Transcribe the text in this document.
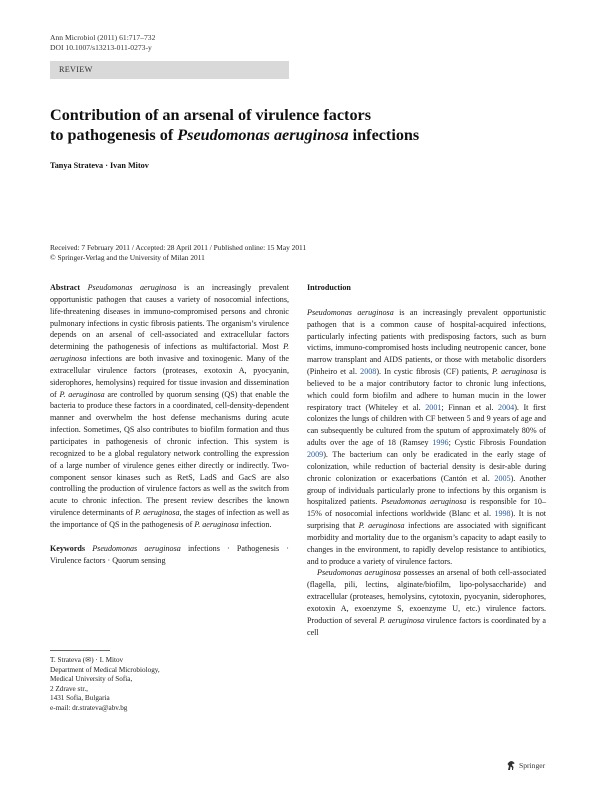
Ann Microbiol (2011) 61:717–732
DOI 10.1007/s13213-011-0273-y
REVIEW
Contribution of an arsenal of virulence factors
to pathogenesis of Pseudomonas aeruginosa infections
Tanya Strateva · Ivan Mitov
Received: 7 February 2011 / Accepted: 28 April 2011 / Published online: 15 May 2011
© Springer-Verlag and the University of Milan 2011

Abstract Pseudomonas aeruginosa is an increasingly prevalent opportunistic pathogen that causes a variety of nosocomial infections, life-threatening diseases in immuno-compromised persons and chronic pulmonary infections in cystic fibrosis patients. The organism’s virulence depends on an arsenal of cell-associated and extracellular factors determining the pathogenesis of infections as multifactorial. Most P. aeruginosa infections are both invasive and toxinogenic. Many of the extracellular virulence factors (proteases, exotoxin A, pyocyanin, siderophores, hemolysins) required for tissue invasion and dissemination of P. aeruginosa are controlled by quorum sensing (QS) that enable the bacteria to produce these factors in a coordinated, cell-density-dependent manner and overwhelm the host defense mechanisms during acute infection. Sometimes, QS also contributes to biofilm formation and thus participates in pathogenesis of chronic infection. This system is recognized to be a global regulatory network controlling the expression of a large number of virulence genes either directly or indirectly. Two-component sensor kinases such as RetS, LadS and GacS are also controlling the production of virulence factors as well as the switch from acute to chronic infection. The present review describes the known virulence determinants of P. aeruginosa, the stages of infection as well as the importance of QS in the pathogenesis of P. aeruginosa infection.

Keywords Pseudomonas aeruginosa infections · Pathogenesis · Virulence factors · Quorum sensing

T. Strateva (✉) · I. Mitov
Department of Medical Microbiology,
Medical University of Sofia,
2 Zdrave str.,
1431 Sofia, Bulgaria
e-mail: dr.strateva@abv.bg

Introduction

Pseudomonas aeruginosa is an increasingly prevalent opportunistic pathogen that is a common cause of hospital-acquired infections, particularly infecting patients with predisposing factors, such as burn victims, immuno-compromised hosts including neutropenic cancer, bone marrow transplant and AIDS patients, or those with metabolic disorders (Pinheiro et al. 2008). In cystic fibrosis (CF) patients, P. aeruginosa is believed to be a major contributory factor to chronic lung infections, which could form biofilm and adhere to human mucin in the lower respiratory tract (Whiteley et al. 2001; Finnan et al. 2004). It first colonizes the lungs of children with CF between 5 and 9 years of age and can subsequently be cultured from the sputum of approximately 80% of adults over the age of 18 (Ramsey 1996; Cystic Fibrosis Foundation 2009). The bacterium can only be eradicated in the early stage of colonization, while reduction of bacterial density is desir-able during chronic colonization or exacerbations (Cantón et al. 2005). Another group of individuals particularly prone to infections by this organism is hospitalized patients. Pseudomonas aeruginosa is responsible for 10–15% of nosocomial infections worldwide (Blanc et al. 1998). It is not surprising that P. aeruginosa infections are associated with significant morbidity and mortality due to the organism’s capacity to adapt easily to changes in the environment, to rapidly develop resistance to antibiotics, and to produce a variety of virulence factors.

Pseudomonas aeruginosa possesses an arsenal of both cell-associated (flagella, pili, lectins, alginate/biofilm, lipo-polysaccharide) and extracellular (proteases, hemolysins, cytotoxin, pyocyanin, siderophores, exotoxin A, exoenzyme S, exoenzyme U, etc.) virulence factors. Production of several P. aeruginosa virulence factors is coordinated by a cell

Springer
